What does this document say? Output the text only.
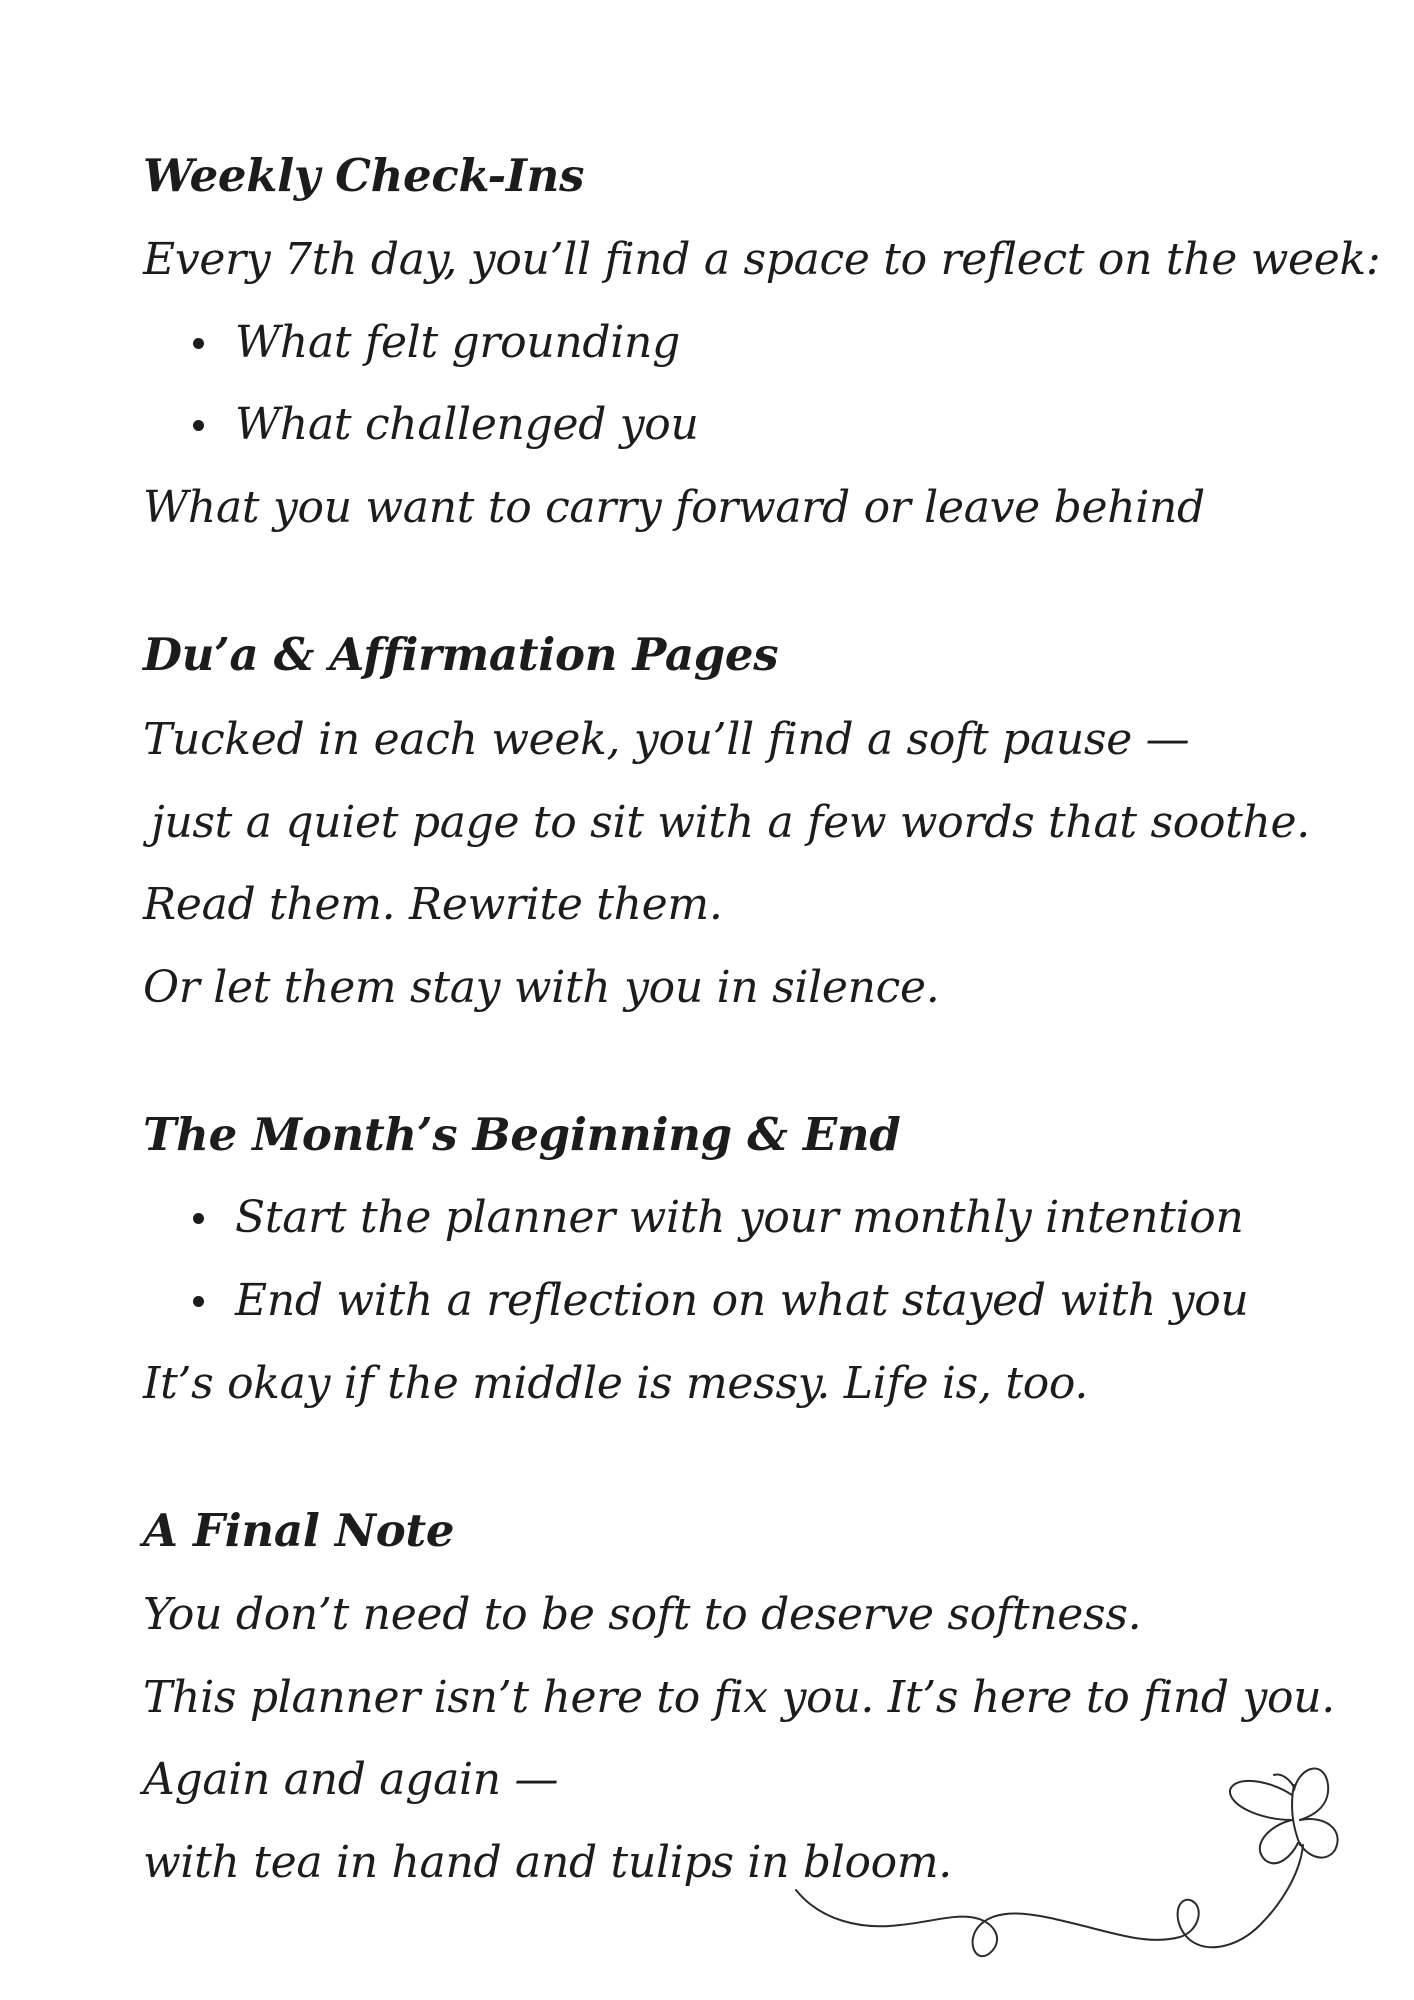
Weekly Check-Ins
Every 7th day, you’ll find a space to reflect on the week:
What felt grounding
What challenged you
What you want to carry forward or leave behind
Du’a & Affirmation Pages
Tucked in each week, you’ll find a soft pause —
just a quiet page to sit with a few words that soothe.
Read them. Rewrite them.
Or let them stay with you in silence.
The Month’s Beginning & End
Start the planner with your monthly intention
End with a reflection on what stayed with you
It’s okay if the middle is messy. Life is, too.
A Final Note
You don’t need to be soft to deserve softness.
This planner isn’t here to fix you. It’s here to find you.
Again and again —
with tea in hand and tulips in bloom.
